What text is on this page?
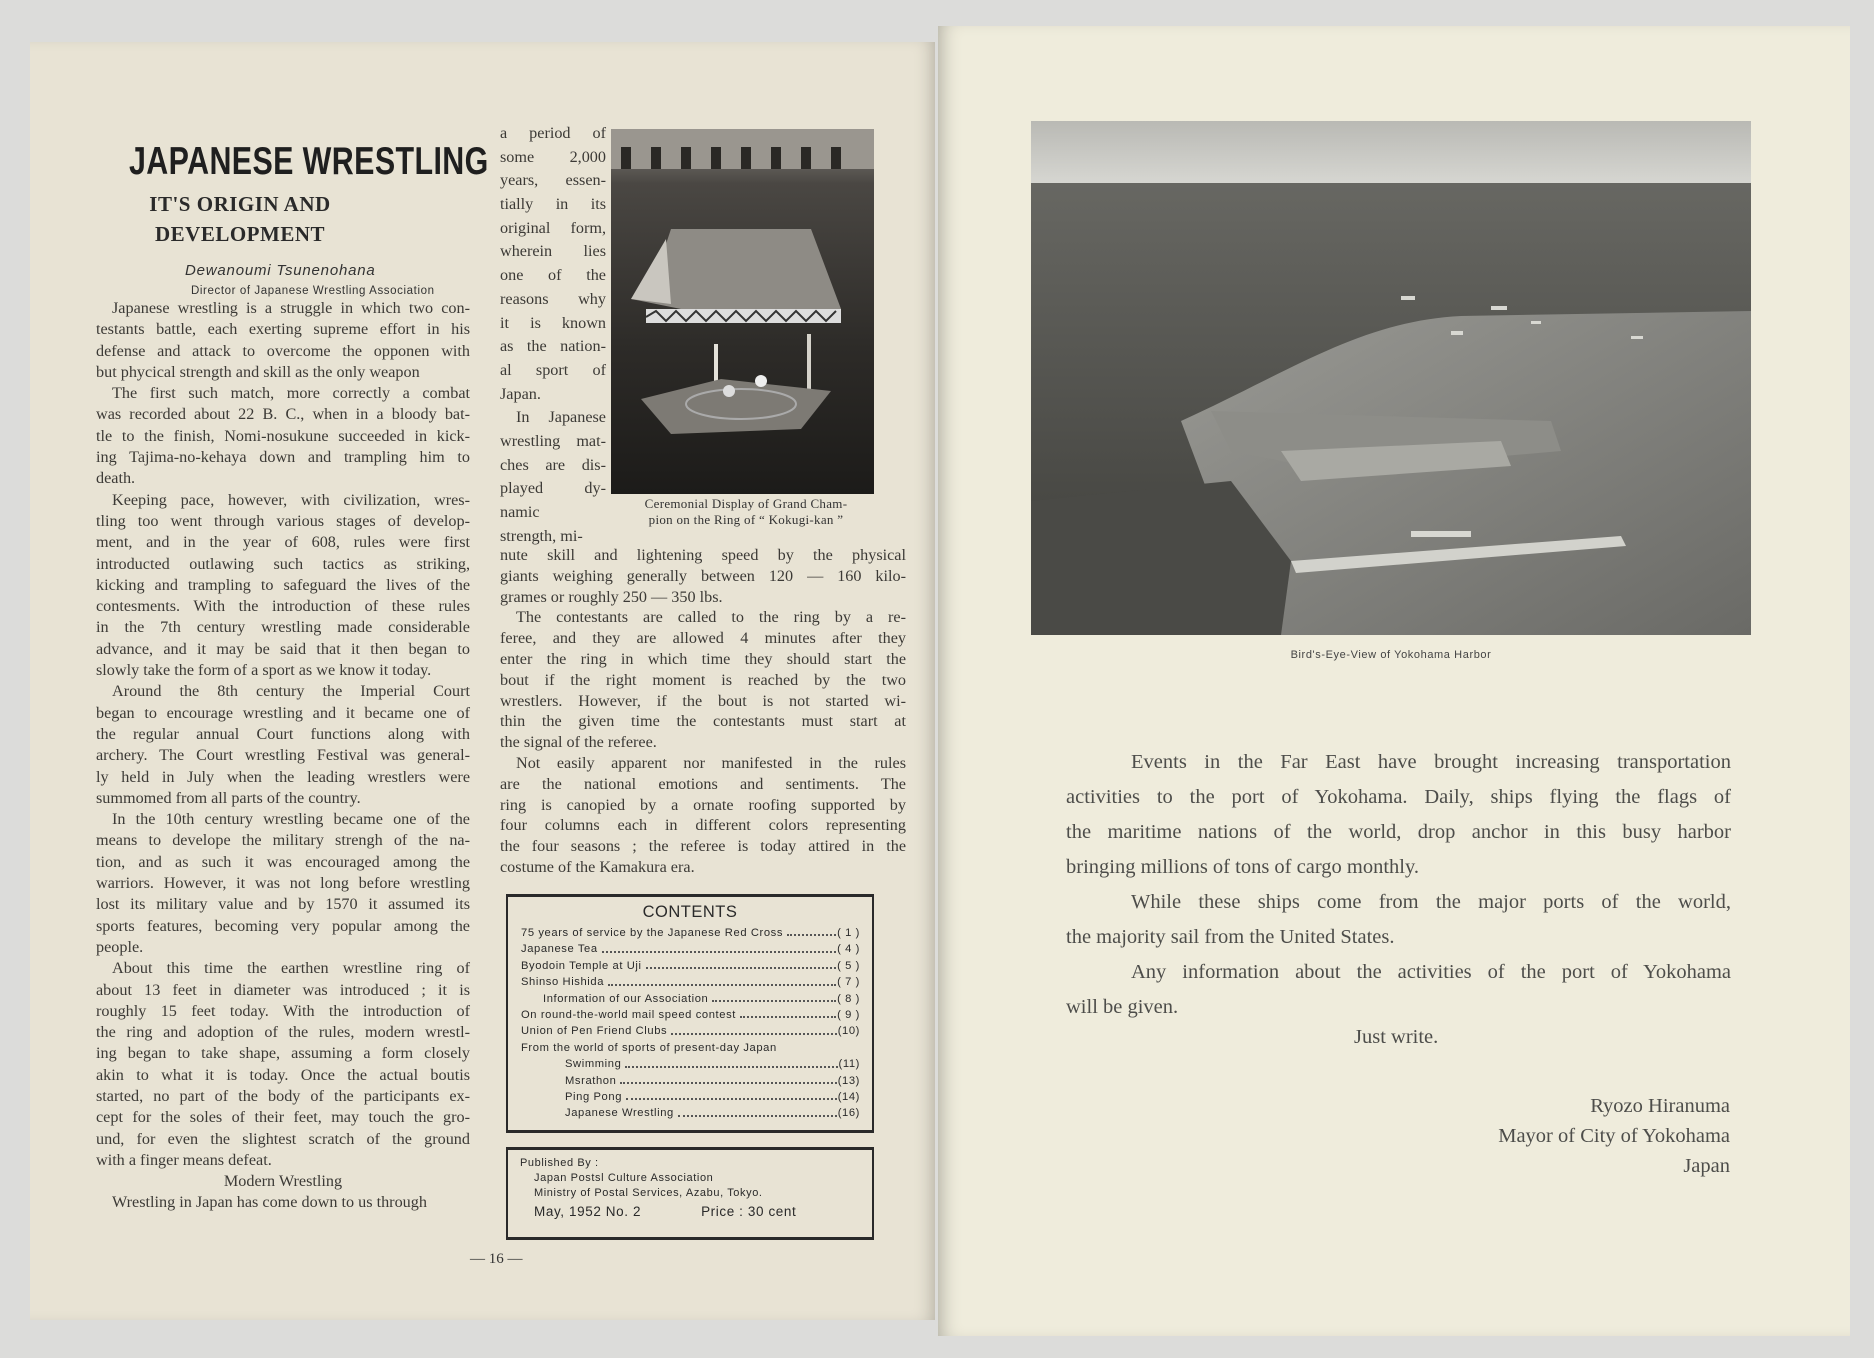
JAPANESE WRESTLING
IT'S ORIGIN AND
DEVELOPMENT
Dewanoumi Tsunenohana
Director of Japanese Wrestling Association
Japanese wrestling is a struggle in which two con-
testants battle, each exerting supreme effort in his
defense and attack to overcome the opponen with
but phycical strength and skill as the only weapon
The first such match, more correctly a combat
was recorded about 22 B. C., when in a bloody bat-
tle to the finish, Nomi-nosukune succeeded in kick-
ing Tajima-no-kehaya down and trampling him to
death.
Keeping pace, however, with civilization, wres-
tling too went through various stages of develop-
ment, and in the year of 608, rules were first
introducted outlawing such tactics as striking,
kicking and trampling to safeguard the lives of the
contesments. With the introduction of these rules
in the 7th century wrestling made considerable
advance, and it may be said that it then began to
slowly take the form of a sport as we know it today.
Around the 8th century the Imperial Court
began to encourage wrestling and it became one of
the regular annual Court functions along with
archery. The Court wrestling Festival was general-
ly held in July when the leading wrestlers were
summomed from all parts of the country.
In the 10th century wrestling became one of the
means to develope the military strengh of the na-
tion, and as such it was encouraged among the
warriors. However, it was not long before wrestling
lost its military value and by 1570 it assumed its
sports features, becoming very popular among the
people.
About this time the earthen wrestline ring of
about 13 feet in diameter was introduced ; it is
roughly 15 feet today. With the introduction of
the ring and adoption of the rules, modern wrestl-
ing began to take shape, assuming a form closely
akin to what it is today. Once the actual boutis
started, no part of the body of the participants ex-
cept for the soles of their feet, may touch the gro-
und, for even the slightest scratch of the ground
with a finger means defeat.
Modern Wrestling
Wrestling in Japan has come down to us through
a period of
some 2,000
years, essen-
tially in its
original form,
wherein lies
one of the
reasons why
it is known
as the nation-
al sport of
Japan.
In Japanese
wrestling mat-
ches are dis-
played dy-
namic
strength, mi-
nute skill and lightening speed by the physical
giants weighing generally between 120 — 160 kilo-
grames or roughly 250 — 350 lbs.
The contestants are called to the ring by a re-
feree, and they are allowed 4 minutes after they
enter the ring in which time they should start the
bout if the right moment is reached by the two
wrestlers. However, if the bout is not started wi-
thin the given time the contestants must start at
the signal of the referee.
Not easily apparent nor manifested in the rules
are the national emotions and sentiments. The
ring is canopied by a ornate roofing supported by
four columns each in different colors representing
the four seasons ; the referee is today attired in the
costume of the Kamakura era.
Ceremonial Display of Grand Cham-
pion on the Ring of “ Kokugi-kan ”
CONTENTS
75 years of service by the Japanese Red Cross	( 1 )
Japanese Tea	( 4 )
Byodoin Temple at Uji	( 5 )
Shinso Hishida	( 7 )
Information of our Association	( 8 )
On round-the-world mail speed contest	( 9 )
Union of Pen Friend Clubs	(10)
From the world of sports of present-day Japan
Swimming	(11)
Msrathon	(13)
Ping Pong	(14)
Japanese Wrestling	(16)
Published By :
Japan Postsl Culture Association
Ministry of Postal Services, Azabu, Tokyo.
May, 1952 No. 2	Price : 30 cent
— 16 —
Bird's-Eye-View of Yokohama Harbor
Events in the Far East have brought increasing transportation
activities to the port of Yokohama. Daily, ships flying the flags of
the maritime nations of the world, drop anchor in this busy harbor
bringing millions of tons of cargo monthly.
While these ships come from the major ports of the world,
the majority sail from the United States.
Any information about the activities of the port of Yokohama
will be given.
Just write.
Ryozo Hiranuma
Mayor of City of Yokohama
Japan
